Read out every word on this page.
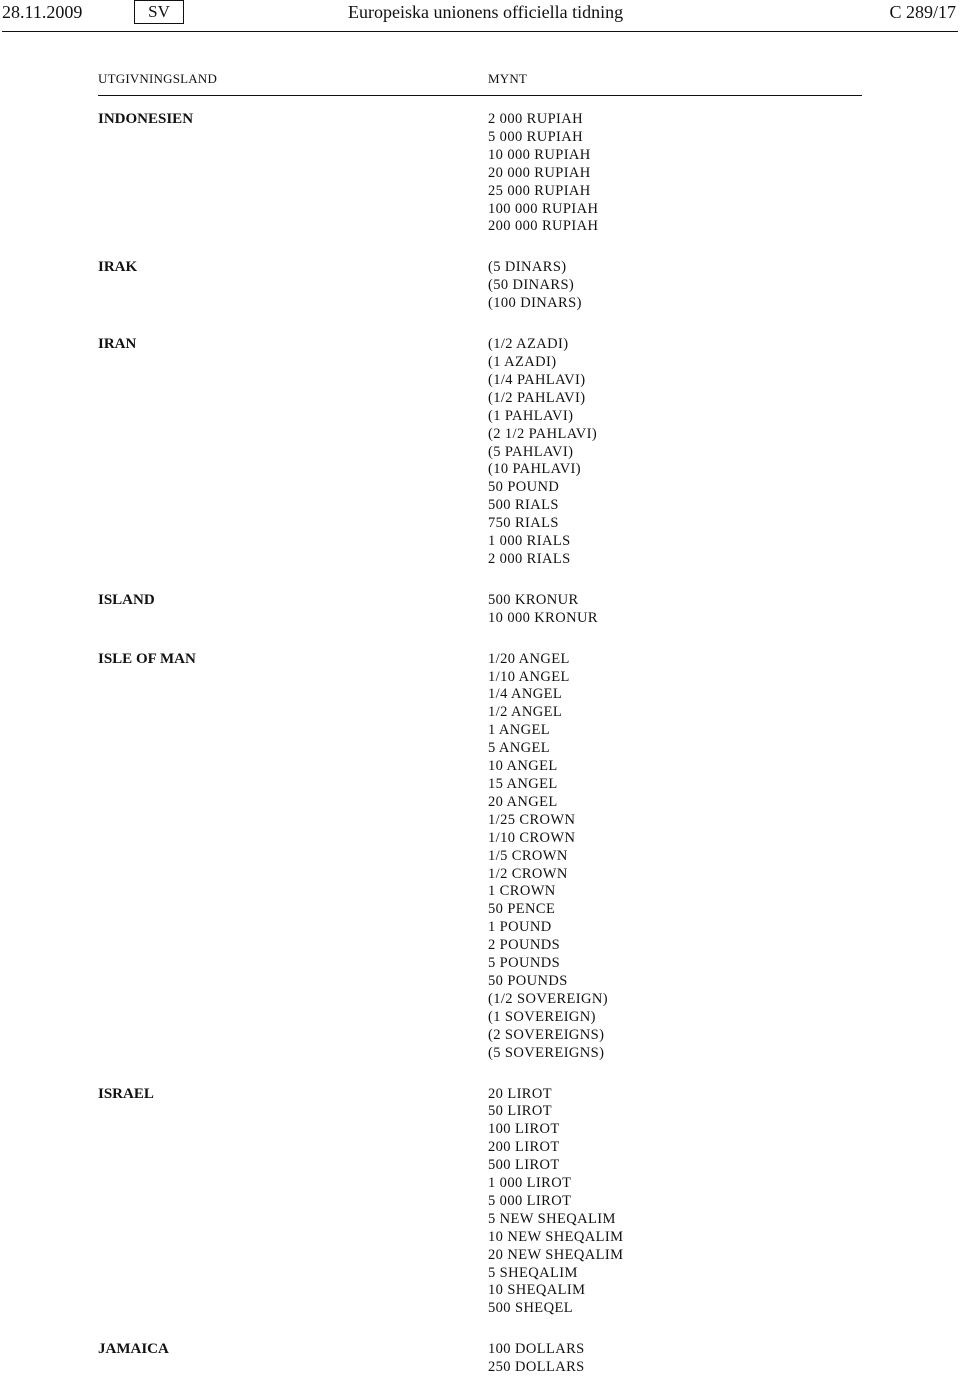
28.11.2009	SV	Europeiska unionens officiella tidning	C 289/17
UTGIVNINGSLAND	MYNT
INDONESIEN	2 000 RUPIAH
5 000 RUPIAH
10 000 RUPIAH
20 000 RUPIAH
25 000 RUPIAH
100 000 RUPIAH
200 000 RUPIAH
IRAK	(5 DINARS)
(50 DINARS)
(100 DINARS)
IRAN	(1/2 AZADI)
(1 AZADI)
(1/4 PAHLAVI)
(1/2 PAHLAVI)
(1 PAHLAVI)
(2 1/2 PAHLAVI)
(5 PAHLAVI)
(10 PAHLAVI)
50 POUND
500 RIALS
750 RIALS
1 000 RIALS
2 000 RIALS
ISLAND	500 KRONUR
10 000 KRONUR
ISLE OF MAN	1/20 ANGEL
1/10 ANGEL
1/4 ANGEL
1/2 ANGEL
1 ANGEL
5 ANGEL
10 ANGEL
15 ANGEL
20 ANGEL
1/25 CROWN
1/10 CROWN
1/5 CROWN
1/2 CROWN
1 CROWN
50 PENCE
1 POUND
2 POUNDS
5 POUNDS
50 POUNDS
(1/2 SOVEREIGN)
(1 SOVEREIGN)
(2 SOVEREIGNS)
(5 SOVEREIGNS)
ISRAEL	20 LIROT
50 LIROT
100 LIROT
200 LIROT
500 LIROT
1 000 LIROT
5 000 LIROT
5 NEW SHEQALIM
10 NEW SHEQALIM
20 NEW SHEQALIM
5 SHEQALIM
10 SHEQALIM
500 SHEQEL
JAMAICA	100 DOLLARS
250 DOLLARS
